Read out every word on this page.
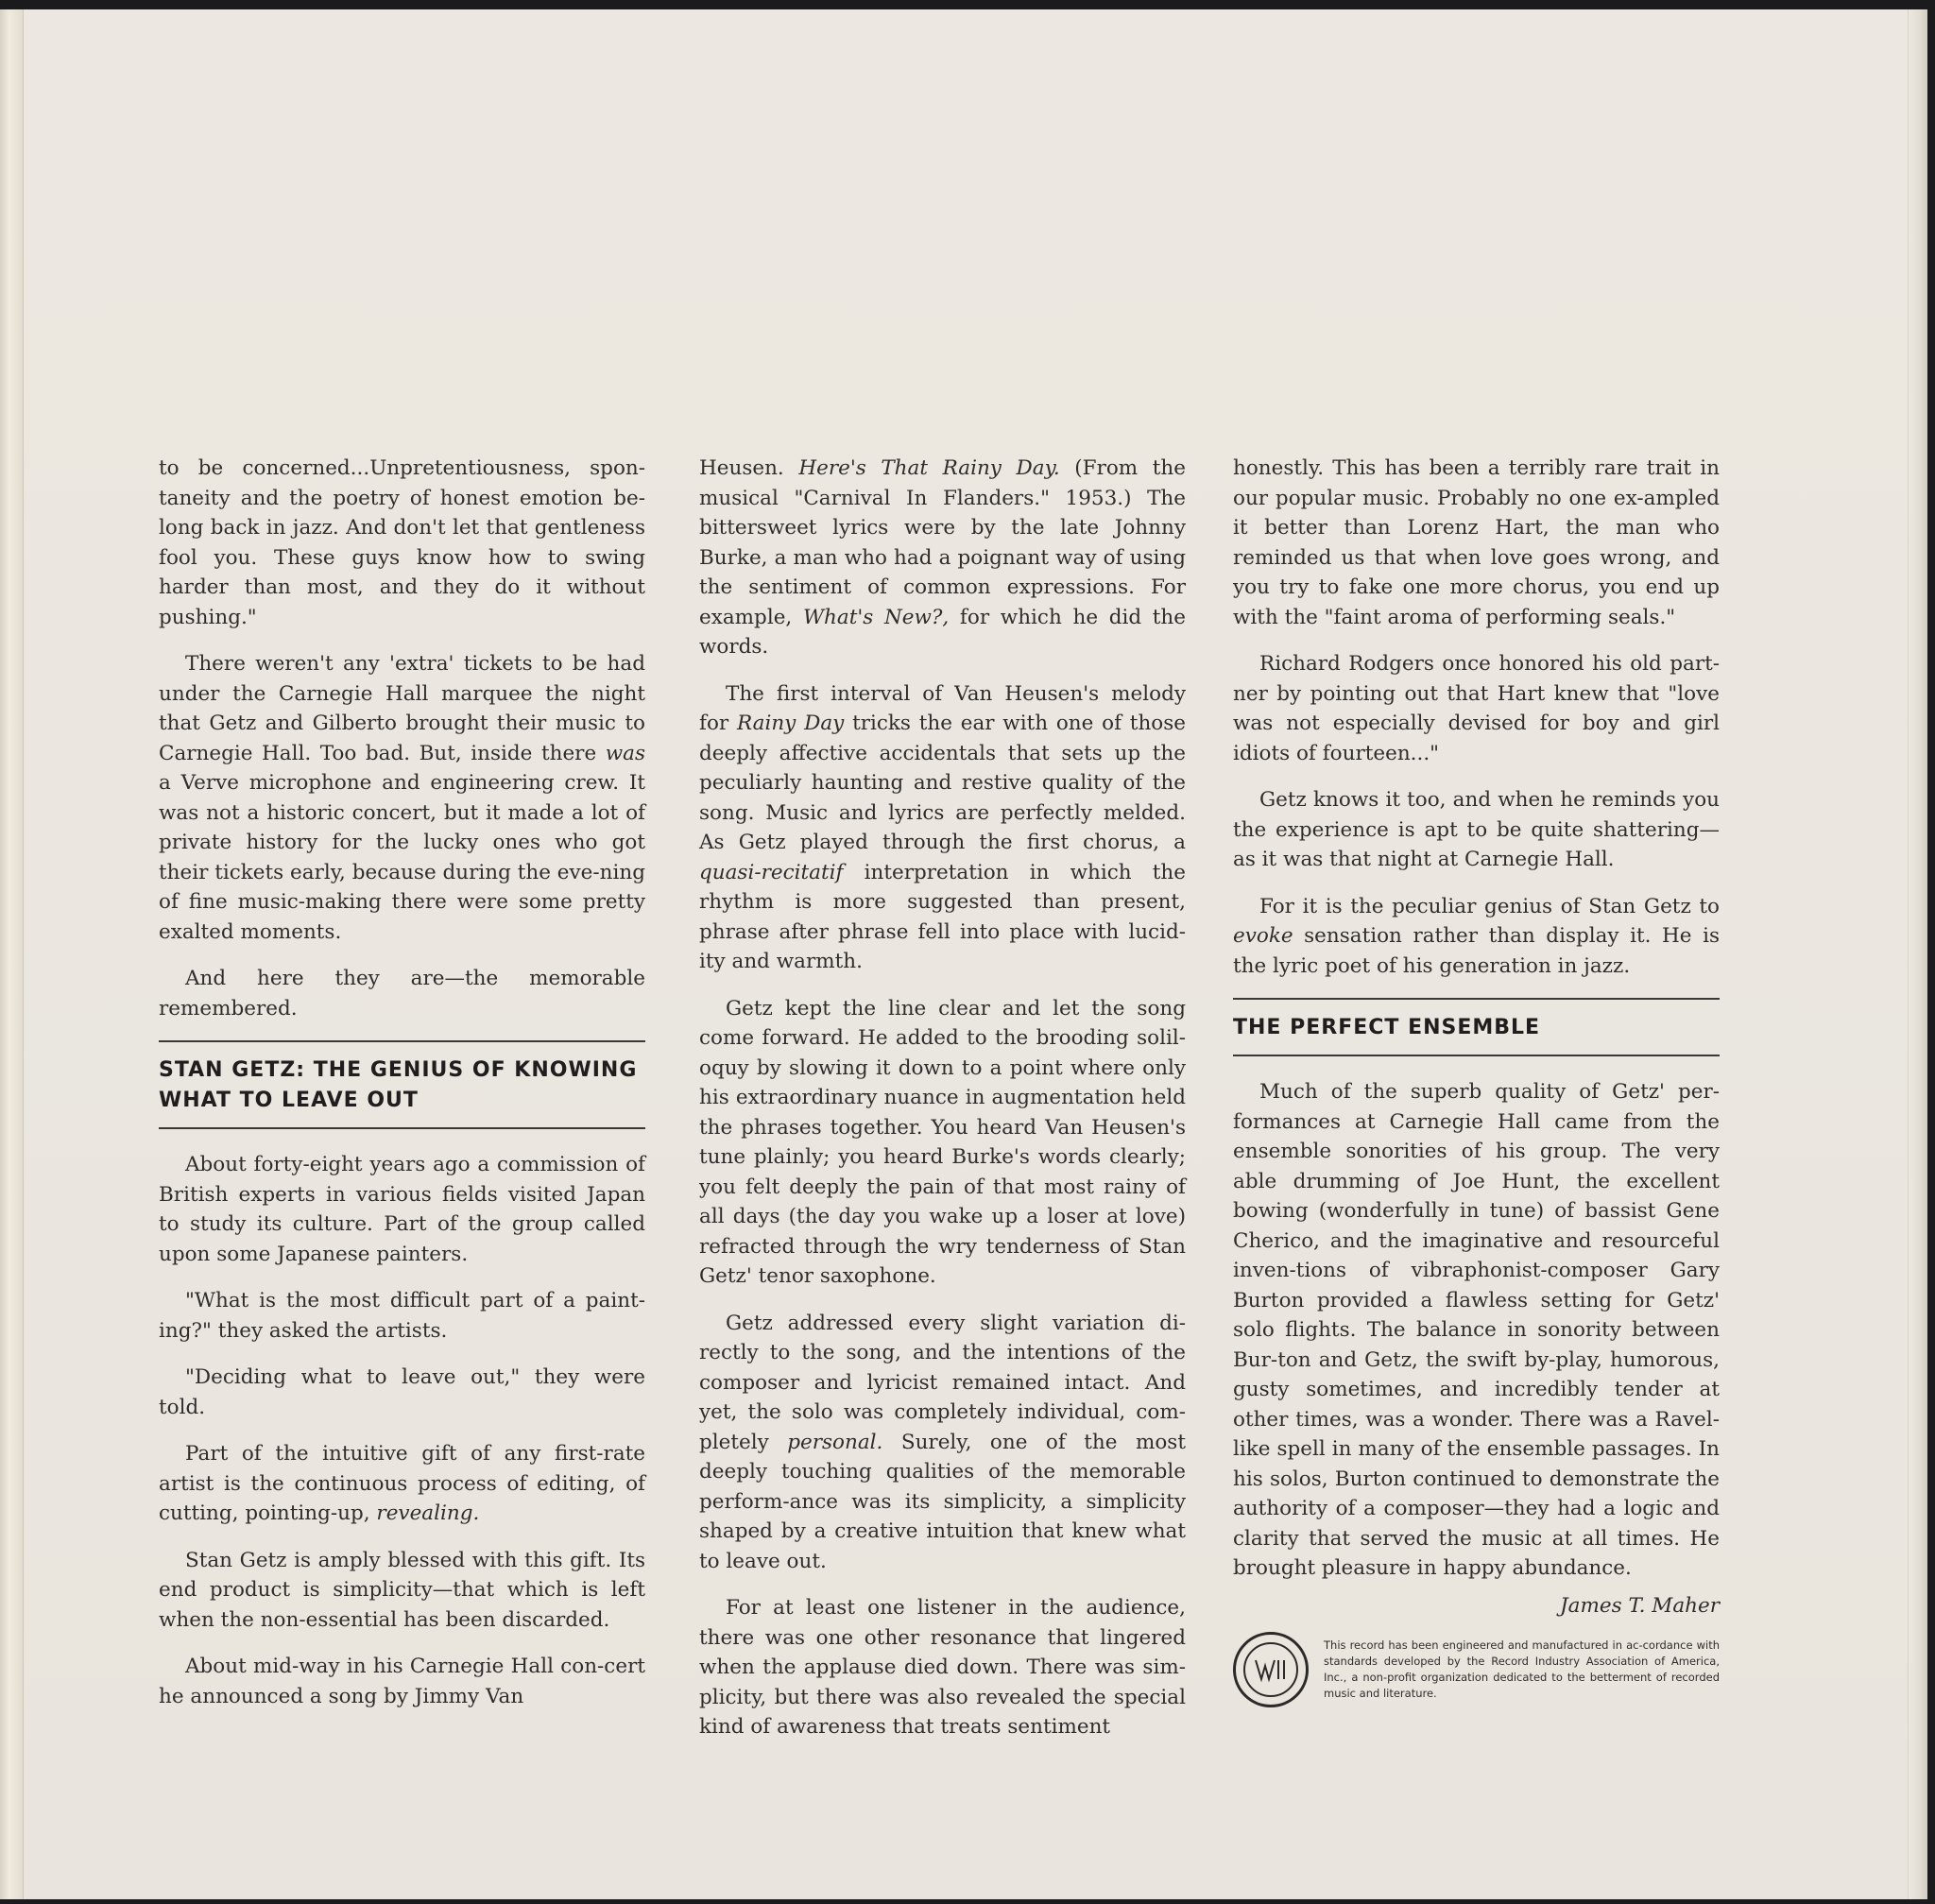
to be concerned...Unpretentiousness, spon-taneity and the poetry of honest emotion be-long back in jazz. And don't let that gentleness fool you. These guys know how to swing harder than most, and they do it without pushing."

There weren't any 'extra' tickets to be had under the Carnegie Hall marquee the night that Getz and Gilberto brought their music to Carnegie Hall. Too bad. But, inside there was a Verve microphone and engineering crew. It was not a historic concert, but it made a lot of private history for the lucky ones who got their tickets early, because during the eve-ning of fine music-making there were some pretty exalted moments.

And here they are—the memorable remembered.

STAN GETZ: THE GENIUS OF KNOWING WHAT TO LEAVE OUT

About forty-eight years ago a commission of British experts in various fields visited Japan to study its culture. Part of the group called upon some Japanese painters.

"What is the most difficult part of a paint-ing?" they asked the artists.

"Deciding what to leave out," they were told.

Part of the intuitive gift of any first-rate artist is the continuous process of editing, of cutting, pointing-up, revealing.

Stan Getz is amply blessed with this gift. Its end product is simplicity—that which is left when the non-essential has been discarded.

About mid-way in his Carnegie Hall con-cert he announced a song by Jimmy Van

Heusen. Here's That Rainy Day. (From the musical "Carnival In Flanders." 1953.) The bittersweet lyrics were by the late Johnny Burke, a man who had a poignant way of using the sentiment of common expressions. For example, What's New?, for which he did the words.

The first interval of Van Heusen's melody for Rainy Day tricks the ear with one of those deeply affective accidentals that sets up the peculiarly haunting and restive quality of the song. Music and lyrics are perfectly melded. As Getz played through the first chorus, a quasi-recitatif interpretation in which the rhythm is more suggested than present, phrase after phrase fell into place with lucid-ity and warmth.

Getz kept the line clear and let the song come forward. He added to the brooding solil-oquy by slowing it down to a point where only his extraordinary nuance in augmentation held the phrases together. You heard Van Heusen's tune plainly; you heard Burke's words clearly; you felt deeply the pain of that most rainy of all days (the day you wake up a loser at love) refracted through the wry tenderness of Stan Getz' tenor saxophone.

Getz addressed every slight variation di-rectly to the song, and the intentions of the composer and lyricist remained intact. And yet, the solo was completely individual, com-pletely personal. Surely, one of the most deeply touching qualities of the memorable perform-ance was its simplicity, a simplicity shaped by a creative intuition that knew what to leave out.

For at least one listener in the audience, there was one other resonance that lingered when the applause died down. There was sim-plicity, but there was also revealed the special kind of awareness that treats sentiment

honestly. This has been a terribly rare trait in our popular music. Probably no one ex-ampled it better than Lorenz Hart, the man who reminded us that when love goes wrong, and you try to fake one more chorus, you end up with the "faint aroma of performing seals."

Richard Rodgers once honored his old part-ner by pointing out that Hart knew that "love was not especially devised for boy and girl idiots of fourteen..."

Getz knows it too, and when he reminds you the experience is apt to be quite shattering—as it was that night at Carnegie Hall.

For it is the peculiar genius of Stan Getz to evoke sensation rather than display it. He is the lyric poet of his generation in jazz.

THE PERFECT ENSEMBLE

Much of the superb quality of Getz' per-formances at Carnegie Hall came from the ensemble sonorities of his group. The very able drumming of Joe Hunt, the excellent bowing (wonderfully in tune) of bassist Gene Cherico, and the imaginative and resourceful inven-tions of vibraphonist-composer Gary Burton provided a flawless setting for Getz' solo flights. The balance in sonority between Bur-ton and Getz, the swift by-play, humorous, gusty sometimes, and incredibly tender at other times, was a wonder. There was a Ravel-like spell in many of the ensemble passages. In his solos, Burton continued to demonstrate the authority of a composer—they had a logic and clarity that served the music at all times. He brought pleasure in happy abundance.

James T. Maher
This record has been engineered and manufactured in ac-cordance with standards developed by the Record Industry Association of America, Inc., a non-profit organization dedicated to the betterment of recorded music and literature.
